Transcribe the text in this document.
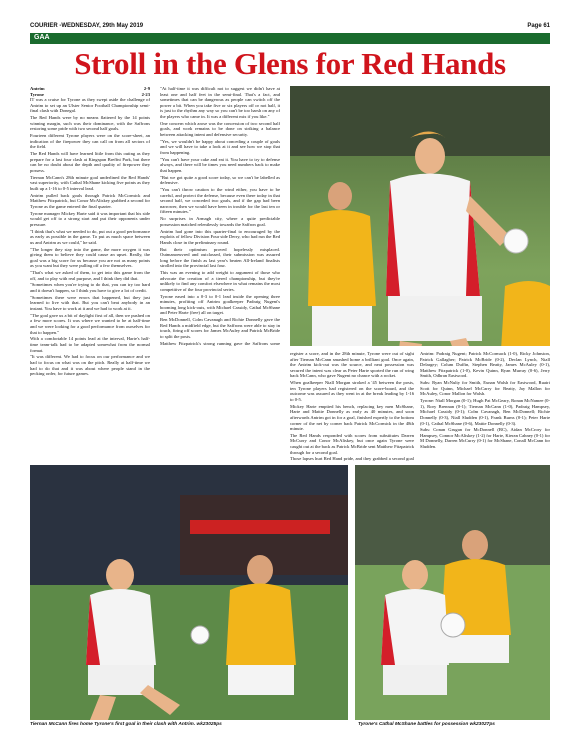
COURIER -WEDNESDAY, 29th May 2019	Page 61
GAA
Stroll in the Glens for Red Hands
Antrim	2-9
Tyrone	2-23

IT was a cruise for Tyrone as they swept aside the challenge of Antrim to set up an Ulster Senior Football Championship semi-final clash with Donegal.

The Red Hands were by no means flattered by the 14 points winning margin, such was their dominance, with the Saffrons restoring some pride with two second half goals.

Fourteen different Tyrone players were on the score-sheet, an indication of the firepower they can call on from all sectors of the field.

The Red Hands will have learned little from this outing as they prepare for a last four clash at Kingspan Breffni Park, but there can be no doubt about the depth and quality of firepower they possess.

Tiernan McCann's 28th minute goal underlined the Red Hands' vast superiority, with Cathal McShane kicking five points as they built up a 1-16 to 0-5 interval lead.

Antrim pulled back goals through Patrick McCormick and Matthew Fitzpatrick, but Conor McAliskey grabbed a second for Tyrone as the game entered the final quarter.

Tyrone manager Mickey Harte said it was important that his side would get off to a strong start and put their opponents under pressure.

"I think that's what we needed to do, put out a good performance as early as possible in the game. To put as much space between us and Antrim as we could," he said.

"The longer they stay into the game, the more oxygen it was giving them to believe they could cause an upset. Really, the goal was a big score for us because you are not as many points as you want but they were pulling off a few themselves.

"That's what we asked of them, to get into this game from the off, and to play with real purpose, and I think they did that.

"Sometimes when you're trying to do that, you can try too hard and it doesn't happen, so I think you have to give a lot of credit.

"Sometimes there were errors that happened, but they just learned to live with that. But you can't beat anybody in an instant. You have to work at it and we had to work at it.

"The goal gave us a bit of daylight first of all, then we pushed on a few more scores. It was where we wanted to be at half-time and we were looking for a good performance from ourselves for that to happen."

With a comfortable 14 points lead at the interval, Harte's half-time team-talk had to be adapted somewhat from the normal format.

"It was different. We had to focus on our performance and we had to focus on what was on the pitch. Really at half-time we had to do that and it was about where people stand in the pecking order, for future games.

"At half-time it was difficult not to suggest we didn't have at least one and half feet in the semi-final. That's a fact, and sometimes that can be dangerous as people can switch off the power a bit. When you take five or six players off or not half, it is just to the rhythm any way so you can't be too harsh on any of the players who came in. It was a different mix if you like."

One concern which arose was the concession of two second half goals, and work remains to be done on striking a balance between attacking intent and defensive security.

"Yes, we wouldn't be happy about conceding a couple of goals and we will have to take a look at it and see how we stop that from happening.

"You can't have your cake and eat it. You have to try to defense always, and there will be times you need numbers back to make that happen.

"But we got quite a good score today, so we can't be labelled as defensive.

"You can't throw caution to the wind either, you have to be careful, and protect the defense, because even there today in that second half, we conceded two goals, and if the gap had been narrower, then we would have been in trouble for the last ten or fifteen minutes."

No surprises in Armagh city, where a quite predictable possession matched relentlessly towards the Saffron goal.

Antrim had gone into this quarter-final to encouraged by the exploits of fellow Division Four side Derry, who had run the Red Hands close in the preliminary round.

But their optimism proved hopelessly misplaced. Outmanoeuvred and outclassed, their submission was assured long before the finish as last year's beaten All-Ireland finalists strolled into the provincial last four.

This was an evening to add weight to argument of those who advocate the creation of a tiered championship, but they're unlikely to find any comfort elsewhere in what remains the most competitive of the four provincial series.

Tyrone eased into a 0-3 to 0-1 lead inside the opening three minutes, profiting off Antrim goalkeeper Padraig Nugent's booming long kick-outs, with Michael Cassidy, Cathal McShane and Peter Harte (free) all on target.

Ben McDonnell, Colm Cavanagh and Richie Donnelly gave the Red Hands a midfield edge, but the Saffrons were able to stay in touch, firing off scores for James McAuley and Patrick McBride to split the posts.

Matthew Fitzpatrick's strong running gave the Saffrons some

Antrim: Padraig Nugent; Patrick McCormack (1-0), Ricky Johnston, Patrick Gallagher; Patrick McBride (0-2), Declan Lynch, Niall Delargey; Colum Duffin, Stephen Beatty, James McAuley (0-1), Matthew Fitzpatrick (1-0), Kevin Quinn, Ryan Murray (0-6), Jerry Smith, Odhran Eastwood.

Subs: Ryan McNulty for Smith, Eunan Walsh for Eastwood, Ruairi Scott for Quinn, Michael McCarry for Beatty, Jay Mallon for McAuley, Conor Mallon for Walsh.

Tyrone: Niall Morgan (0-1); Hugh Pat McGeary, Ronan McNamee (0-1), Rory Brennan (0-1); Tiernan McCann (1-0), Padraig Hampsey, Michael Cassidy (0-1); Colm Cavanagh, Ben McDonnell; Richie Donnelly (0-3), Niall Sludden (0-1), Frank Burns (0-1); Peter Harte (0-1), Cathal McShane (0-6), Mattie Donnelly (0-3).

Subs: Conan Grugan for McDonnell (BC), Aidan McCrory for Hampsey, Connor McAliskey (1-2) for Harte, Kieran Cahney (0-1) for M Donnelly, Darren McCurry (0-1) for McShane, Conall McCann for Sludden.

Tiernan McCann fires home Tyrone's first goal in their clash with Antrim. wk23025ps	Tyrone's Cathal McShane battles for possession wk23027ps

register a score, and in the 28th minute, Tyrone were out of sight after Tiernan McCann smashed home a brilliant goal. Once again, the Antrim kick-out was the source, and neat possession was secured the intent was clear as Peter Harte sported the run of wing back McCann, who gave Nugent no chance with a rocket.

When goalkeeper Niall Morgan stroked a '45 between the posts, ten Tyrone players had registered on the score-board, and the outcome was assured as they went in at the break leading by 1-16 to 0-5.

Mickey Harte emptied his bench, replacing key men McShane, Harte and Mattie Donnelly as early as 40 minutes, and soon afterwards Antrim got in for a goal, finished expertly to the bottom corner of the net by corner back Patrick McCormick in the 48th minute.

The Red Hands responded with scores from substitutes Darren McCurry and Conor McAliskey, but once again Tyrone were caught out at the back as Patrick McBride sent Matthew Fitzpatrick through for a second goal.

Those lapses hurt Red Hand pride, and they grabbed a second goal
